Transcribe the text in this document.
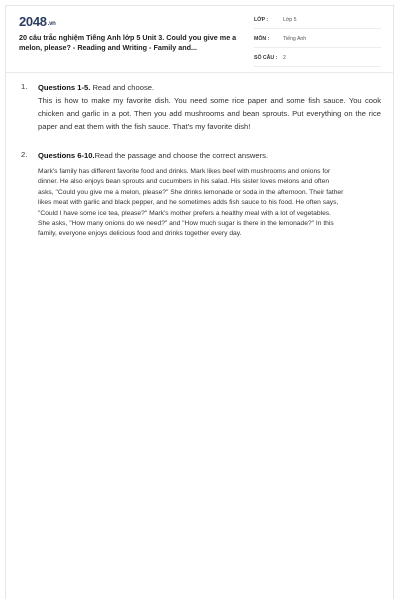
2048.vn
20 câu trắc nghiệm Tiếng Anh lớp 5 Unit 3. Could you give me a melon, please? - Reading and Writing - Family and...
LỚP :	Lớp 5
MÔN :	Tiếng Anh
SỐ CÂU : 2
1. Questions 1-5. Read and choose.
This is how to make my favorite dish. You need some rice paper and some fish sauce. You cook chicken and garlic in a pot. Then you add mushrooms and bean sprouts. Put everything on the rice paper and eat them with the fish sauce. That's my favorite dish!
2. Questions 6-10.Read the passage and choose the correct answers.
Mark's family has different favorite food and drinks. Mark likes beef with mushrooms and onions for dinner. He also enjoys bean sprouts and cucumbers in his salad. His sister loves melons and often asks, "Could you give me a melon, please?" She drinks lemonade or soda in the afternoon. Their father likes meat with garlic and black pepper, and he sometimes adds fish sauce to his food. He often says, "Could I have some ice tea, please?" Mark's mother prefers a healthy meal with a lot of vegetables. She asks, "How many onions do we need?" and "How much sugar is there in the lemonade?" In this family, everyone enjoys delicious food and drinks together every day.
